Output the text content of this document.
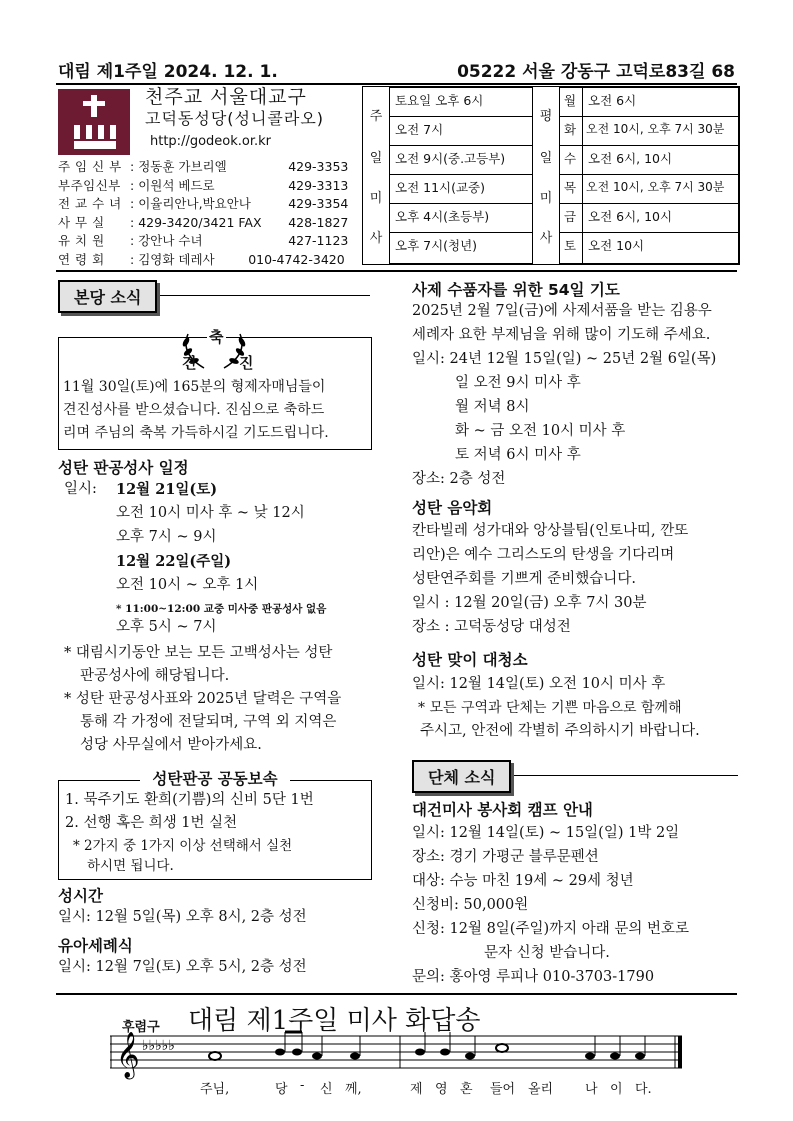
대림 제1주일 2024. 12. 1.	05222 서울 강동구 고덕로83길 68
천주교 서울대교구
고덕동성당(성니콜라오)
http://godeok.or.kr
주 임 신 부 : 정동훈 가브리엘	429-3353
부주임신부 : 이원석 베드로	429-3313
전 교 수 녀 : 이율리안나,박요안나	429-3354
사 무 실	: 429-3420/3421 FAX	428-1827
유 치 원	: 강안나 수녀	427-1123
연 령 회	: 김영화 데레사	010-4742-3420
주
일
미
사
토요일 오후 6시
오전 7시
오전 9시(중.고등부)
오전 11시(교중)
오후 4시(초등부)
오후 7시(청년)
평
일
미
사
월 오전 6시
화 오전 10시, 오후 7시 30분
수 오전 6시, 10시
목 오전 10시, 오후 7시 30분
금 오전 6시, 10시
토 오전 10시
본당 소식
축
견	진
11월 30일(토)에 165분의 형제자매님들이
견진성사를 받으셨습니다. 진심으로 축하드
리며 주님의 축복 가득하시길 기도드립니다.
성탄 판공성사 일정
일시: 12월 21일(토)
오전 10시 미사 후 ~ 낮 12시
오후 7시 ~ 9시
12월 22일(주일)
오전 10시 ~ 오후 1시
* 11:00~12:00 교중 미사중 판공성사 없음
오후 5시 ~ 7시
* 대림시기동안 보는 모든 고백성사는 성탄
판공성사에 해당됩니다.
* 성탄 판공성사표와 2025년 달력은 구역을
통해 각 가정에 전달되며, 구역 외 지역은
성당 사무실에서 받아가세요.
성탄판공 공동보속
1. 묵주기도 환희(기쁨)의 신비 5단 1번
2. 선행 혹은 희생 1번 실천
* 2가지 중 1가지 이상 선택해서 실천
하시면 됩니다.
성시간
일시: 12월 5일(목) 오후 8시, 2층 성전
유아세례식
일시: 12월 7일(토) 오후 5시, 2층 성전
사제 수품자를 위한 54일 기도
2025년 2월 7일(금)에 사제서품을 받는 김용우
세례자 요한 부제님을 위해 많이 기도해 주세요.
일시: 24년 12월 15일(일) ~ 25년 2월 6일(목)
일 오전 9시 미사 후
월 저녁 8시
화 ~ 금 오전 10시 미사 후
토 저녁 6시 미사 후
장소: 2층 성전
성탄 음악회
칸타빌레 성가대와 앙상블팀(인토나띠, 깐또
리안)은 예수 그리스도의 탄생을 기다리며
성탄연주회를 기쁘게 준비했습니다.
일시 : 12월 20일(금) 오후 7시 30분
장소 : 고덕동성당 대성전
성탄 맞이 대청소
일시: 12월 14일(토) 오전 10시 미사 후
* 모든 구역과 단체는 기쁜 마음으로 함께해
주시고, 안전에 각별히 주의하시기 바랍니다.
단체 소식
대건미사 봉사회 캠프 안내
일시: 12월 14일(토) ~ 15일(일) 1박 2일
장소: 경기 가평군 블루문펜션
대상: 수능 마친 19세 ~ 29세 청년
신청비: 50,000원
신청: 12월 8일(주일)까지 아래 문의 번호로
문자 신청 받습니다.
문의: 홍아영 루피나 010-3703-1790
후렴구 대림 제1주일 미사 화답송
𝄞 ♭♭♭♭♭
주님,	당 - 신 께,	제 영 혼 들어 올리 나 이 다.
